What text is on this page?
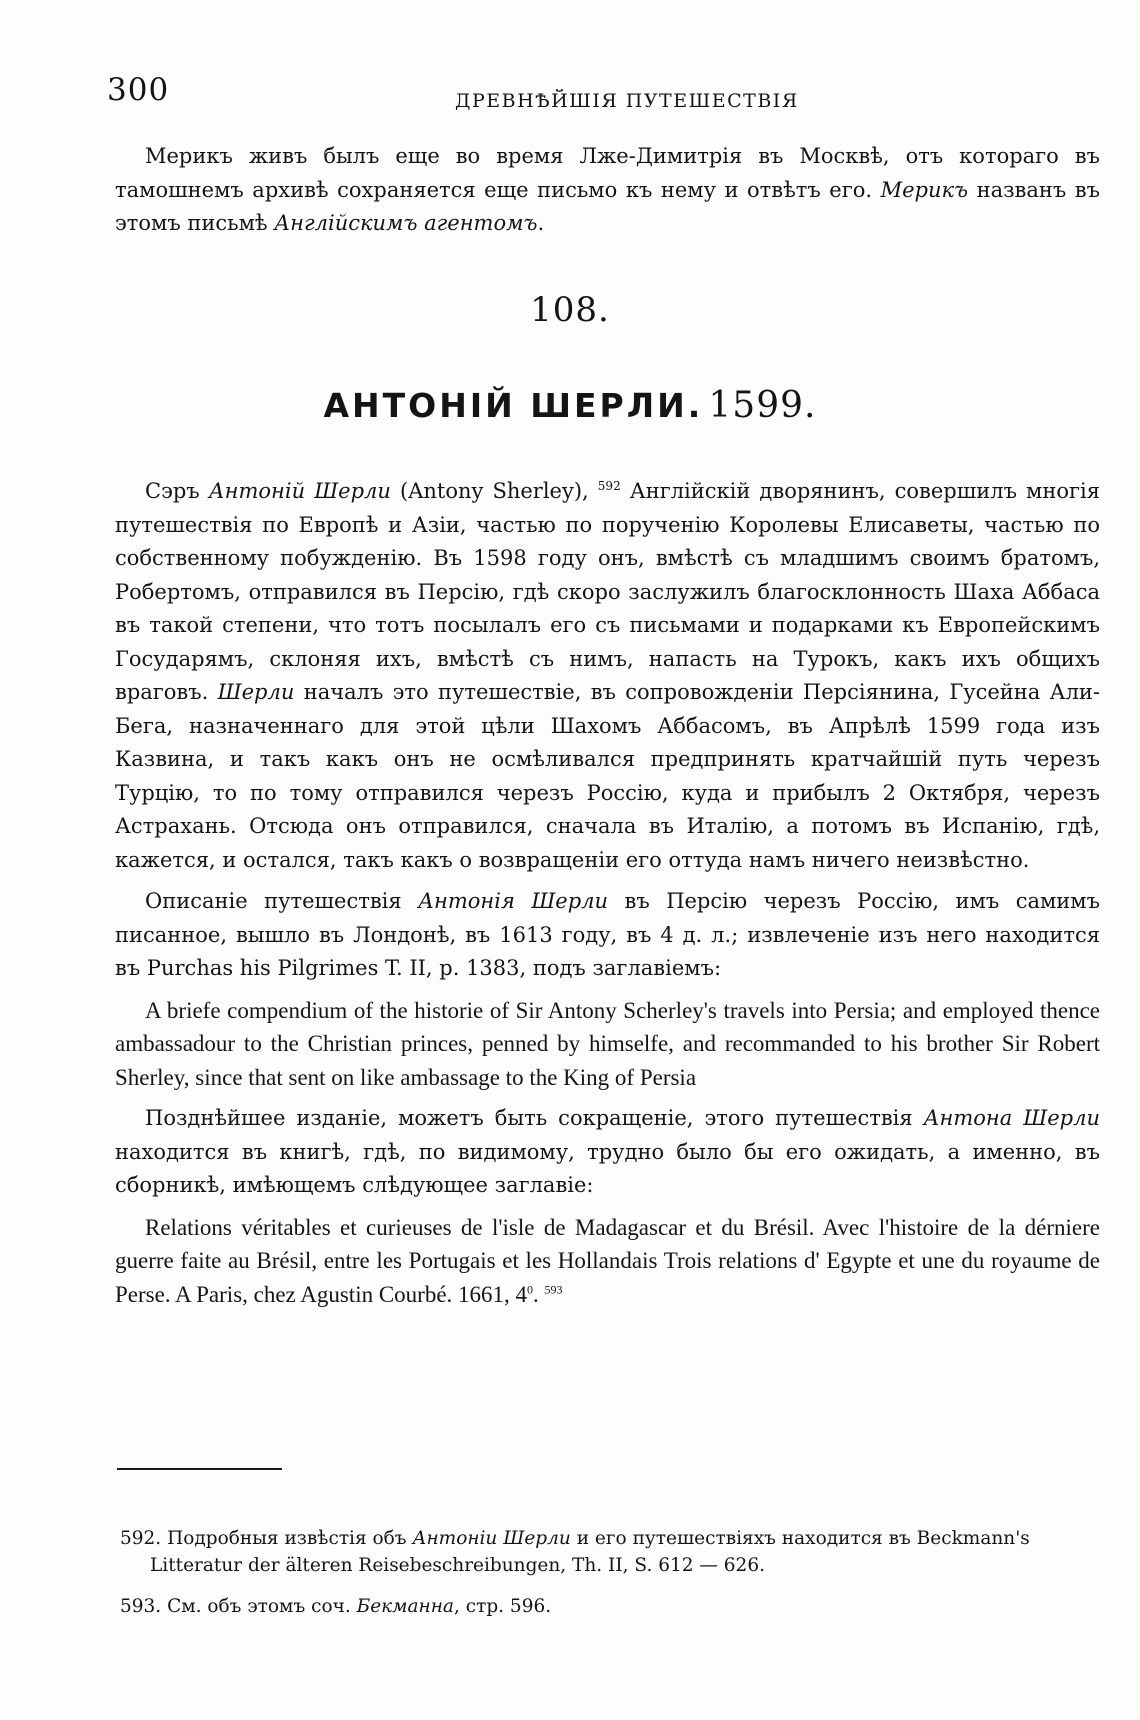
300	ДРЕВНѢЙШІЯ ПУТЕШЕСТВІЯ

Мерикъ живъ былъ еще во время Лже-Димитрія въ Москвѣ, отъ котораго въ тамошнемъ архивѣ сохраняется еще письмо къ нему и отвѣтъ его. Мерикъ названъ въ этомъ письмѣ Англійскимъ агентомъ.

108.
АНТОНІЙ ШЕРЛИ. 1599.

Сэръ Антоній Шерли (Antony Sherley), $^{592}$ Англійскій дворянинъ, совершилъ многія путешествія по Европѣ и Азіи, частью по порученію Королевы Елисаветы, частью по собственному побужденію. Въ 1598 году онъ, вмѣстѣ съ младшимъ своимъ братомъ, Робертомъ, отправился въ Персію, гдѣ скоро заслужилъ благосклонность Шаха Аббаса въ такой степени, что тотъ посылалъ его съ письмами и подарками къ Европейскимъ Государямъ, склоняя ихъ, вмѣстѣ съ нимъ, напасть на Турокъ, какъ ихъ общихъ враговъ. Шерли началъ это путешествіе, въ сопровожденіи Персіянина, Гусейна Али-Бега, назначеннаго для этой цѣли Шахомъ Аббасомъ, въ Апрѣлѣ 1599 года изъ Казвина, и такъ какъ онъ не осмѣливался предпринять кратчайшій путь черезъ Турцію, то по тому отправился черезъ Россію, куда и прибылъ 2 Октября, черезъ Астрахань. Отсюда онъ отправился, сначала въ Италію, а потомъ въ Испанію, гдѣ, кажется, и остался, такъ какъ о возвращеніи его оттуда намъ ничего неизвѣстно.

Описаніе путешествія Антонія Шерли въ Персію черезъ Россію, имъ самимъ писанное, вышло въ Лондонѣ, въ 1613 году, въ 4 д. л.; извлеченіе изъ него находится въ Purchas his Pilgrimes T. II, p. 1383, подъ заглавіемъ:

A briefe compendium of the historie of Sir Antony Scherley's travels into Persia; and employed thence ambassadour to the Christian princes, penned by himselfe, and recommanded to his brother Sir Robert Sherley, since that sent on like ambassage to the King of Persia

Позднѣйшее изданіе, можетъ быть сокращеніе, этого путешествія Антона Шерли находится въ книгѣ, гдѣ, по видимому, трудно было бы его ожидать, а именно, въ сборникѣ, имѣющемъ слѣдующее заглавіе:

Relations véritables et curieuses de l'isle de Madagascar et du Brésil. Avec l'histoire de la dérniere guerre faite au Brésil, entre les Portugais et les Hollandais Trois relations d' Egypte et une du royaume de Perse. A Paris, chez Agustin Courbé. 1661, $4^0$. $^{593}$

592. Подробныя извѣстія объ Антоніи Шерли и его путешествіяхъ находится въ Beckmann's Litteratur der älteren Reisebeschreibungen, Th. II, S. 612 — 626.

593. См. объ этомъ соч. Бекманна, стр. 596.
